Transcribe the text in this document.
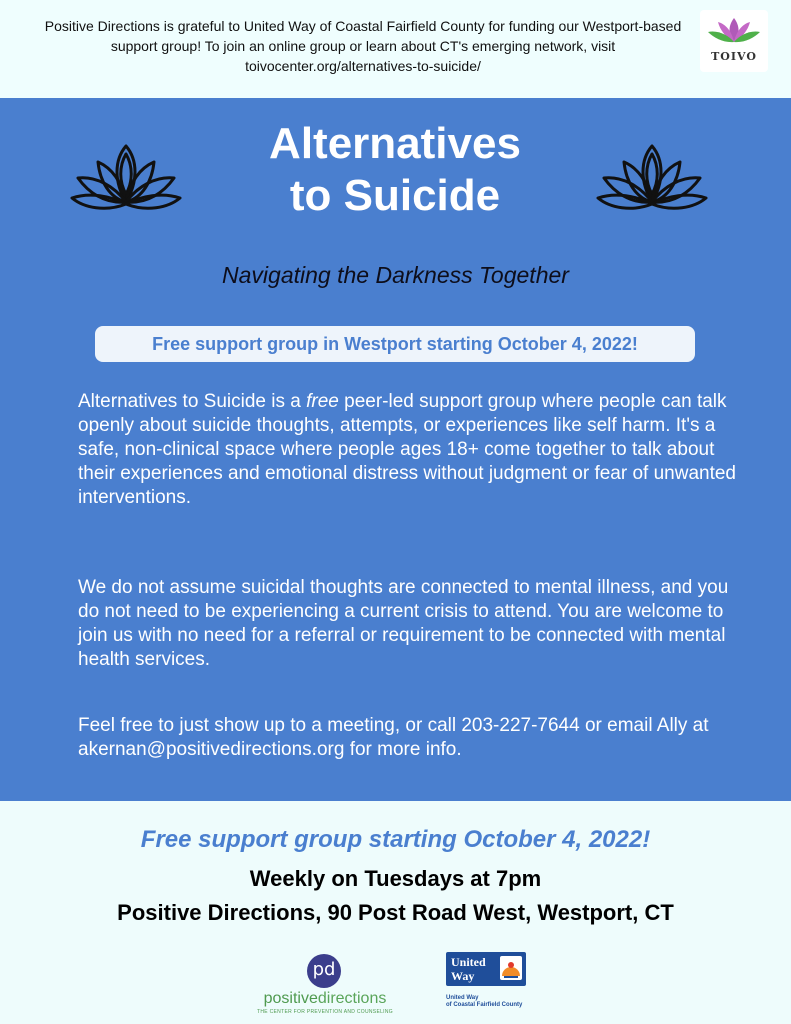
Positive Directions is grateful to United Way of Coastal Fairfield County for funding our Westport-based support group! To join an online group or learn about CT's emerging network, visit toivocenter.org/alternatives-to-suicide/
TOIVO
Alternatives
to Suicide
Navigating the Darkness Together
Free support group in Westport starting October 4, 2022!
Alternatives to Suicide is a free peer-led support group where people can talk openly about suicide thoughts, attempts, or experiences like self harm. It's a safe, non-clinical space where people ages 18+ come together to talk about their experiences and emotional distress without judgment or fear of unwanted interventions.
We do not assume suicidal thoughts are connected to mental illness, and you do not need to be experiencing a current crisis to attend. You are welcome to join us with no need for a referral or requirement to be connected with mental health services.
Feel free to just show up to a meeting, or call 203-227-7644 or email Ally at akernan@positivedirections.org for more info.
Free support group starting October 4, 2022!
Weekly on Tuesdays at 7pm
Positive Directions, 90 Post Road West, Westport, CT
pd
positivedirections
THE CENTER FOR PREVENTION AND COUNSELING
United
Way
United Way
of Coastal Fairfield County
